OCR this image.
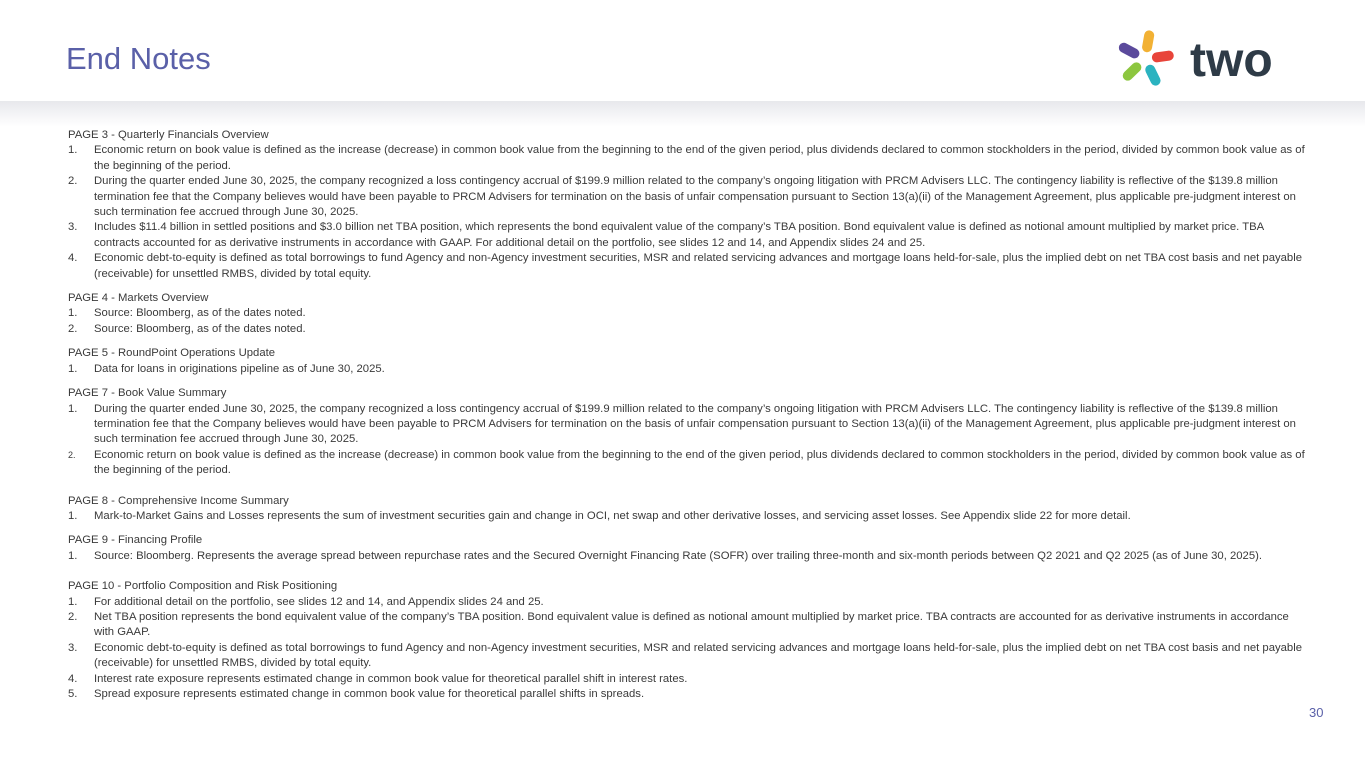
End Notes	two
PAGE 3 - Quarterly Financials Overview
1. Economic return on book value is defined as the increase (decrease) in common book value from the beginning to the end of the given period, plus dividends declared to common stockholders in the period, divided by common book value as of the beginning of the period.
2. During the quarter ended June 30, 2025, the company recognized a loss contingency accrual of $199.9 million related to the company’s ongoing litigation with PRCM Advisers LLC. The contingency liability is reflective of the $139.8 million termination fee that the Company believes would have been payable to PRCM Advisers for termination on the basis of unfair compensation pursuant to Section 13(a)(ii) of the Management Agreement, plus applicable pre-judgment interest on such termination fee accrued through June 30, 2025.
3. Includes $11.4 billion in settled positions and $3.0 billion net TBA position, which represents the bond equivalent value of the company’s TBA position. Bond equivalent value is defined as notional amount multiplied by market price. TBA contracts accounted for as derivative instruments in accordance with GAAP. For additional detail on the portfolio, see slides 12 and 14, and Appendix slides 24 and 25.
4. Economic debt-to-equity is defined as total borrowings to fund Agency and non-Agency investment securities, MSR and related servicing advances and mortgage loans held-for-sale, plus the implied debt on net TBA cost basis and net payable (receivable) for unsettled RMBS, divided by total equity.
PAGE 4 - Markets Overview
1. Source: Bloomberg, as of the dates noted.
2. Source: Bloomberg, as of the dates noted.
PAGE 5 - RoundPoint Operations Update
1. Data for loans in originations pipeline as of June 30, 2025.
PAGE 7 - Book Value Summary
1. During the quarter ended June 30, 2025, the company recognized a loss contingency accrual of $199.9 million related to the company’s ongoing litigation with PRCM Advisers LLC. The contingency liability is reflective of the $139.8 million termination fee that the Company believes would have been payable to PRCM Advisers for termination on the basis of unfair compensation pursuant to Section 13(a)(ii) of the Management Agreement, plus applicable pre-judgment interest on such termination fee accrued through June 30, 2025.
2. Economic return on book value is defined as the increase (decrease) in common book value from the beginning to the end of the given period, plus dividends declared to common stockholders in the period, divided by common book value as of the beginning of the period.
PAGE 8 - Comprehensive Income Summary
1. Mark-to-Market Gains and Losses represents the sum of investment securities gain and change in OCI, net swap and other derivative losses, and servicing asset losses. See Appendix slide 22 for more detail.
PAGE 9 - Financing Profile
1. Source: Bloomberg. Represents the average spread between repurchase rates and the Secured Overnight Financing Rate (SOFR) over trailing three-month and six-month periods between Q2 2021 and Q2 2025 (as of June 30, 2025).
PAGE 10 - Portfolio Composition and Risk Positioning
1. For additional detail on the portfolio, see slides 12 and 14, and Appendix slides 24 and 25.
2. Net TBA position represents the bond equivalent value of the company’s TBA position. Bond equivalent value is defined as notional amount multiplied by market price. TBA contracts are accounted for as derivative instruments in accordance with GAAP.
3. Economic debt-to-equity is defined as total borrowings to fund Agency and non-Agency investment securities, MSR and related servicing advances and mortgage loans held-for-sale, plus the implied debt on net TBA cost basis and net payable (receivable) for unsettled RMBS, divided by total equity.
4. Interest rate exposure represents estimated change in common book value for theoretical parallel shift in interest rates.
5. Spread exposure represents estimated change in common book value for theoretical parallel shifts in spreads.
30
